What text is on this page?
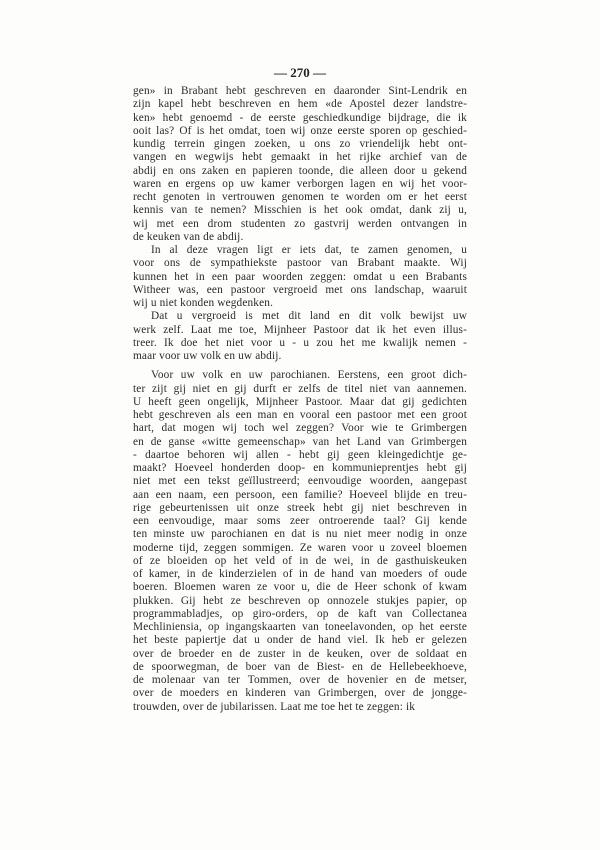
— 270 —
gen» in Brabant hebt geschreven en daaronder Sint-Lendrik en
zijn kapel hebt beschreven en hem «de Apostel dezer landstre-
ken» hebt genoemd - de eerste geschiedkundige bijdrage, die ik
ooit las? Of is het omdat, toen wij onze eerste sporen op geschied-
kundig terrein gingen zoeken, u ons zo vriendelijk hebt ont-
vangen en wegwijs hebt gemaakt in het rijke archief van de
abdij en ons zaken en papieren toonde, die alleen door u gekend
waren en ergens op uw kamer verborgen lagen en wij het voor-
recht genoten in vertrouwen genomen te worden om er het eerst
kennis van te nemen? Misschien is het ook omdat, dank zij u,
wij met een drom studenten zo gastvrij werden ontvangen in
de keuken van de abdij.
In al deze vragen ligt er iets dat, te zamen genomen, u
voor ons de sympathiekste pastoor van Brabant maakte. Wij
kunnen het in een paar woorden zeggen: omdat u een Brabants
Witheer was, een pastoor vergroeid met ons landschap, waaruit
wij u niet konden wegdenken.
Dat u vergroeid is met dit land en dit volk bewijst uw
werk zelf. Laat me toe, Mijnheer Pastoor dat ik het even illus-
treer. Ik doe het niet voor u - u zou het me kwalijk nemen -
maar voor uw volk en uw abdij.
Voor uw volk en uw parochianen. Eerstens, een groot dich-
ter zijt gij niet en gij durft er zelfs de titel niet van aannemen.
U heeft geen ongelijk, Mijnheer Pastoor. Maar dat gij gedichten
hebt geschreven als een man en vooral een pastoor met een groot
hart, dat mogen wij toch wel zeggen? Voor wie te Grimbergen
en de ganse «witte gemeenschap» van het Land van Grimbergen
- daartoe behoren wij allen - hebt gij geen kleingedichtje ge-
maakt? Hoeveel honderden doop- en kommunieprentjes hebt gij
niet met een tekst geïllustreerd; eenvoudige woorden, aangepast
aan een naam, een persoon, een familie? Hoeveel blijde en treu-
rige gebeurtenissen uit onze streek hebt gij niet beschreven in
een eenvoudige, maar soms zeer ontroerende taal? Gij kende
ten minste uw parochianen en dat is nu niet meer nodig in onze
moderne tijd, zeggen sommigen. Ze waren voor u zoveel bloemen
of ze bloeiden op het veld of in de wei, in de gasthuiskeuken
of kamer, in de kinderzielen of in de hand van moeders of oude
boeren. Bloemen waren ze voor u, die de Heer schonk of kwam
plukken. Gij hebt ze beschreven op onnozele stukjes papier, op
programmabladjes, op giro-orders, op de kaft van Collectanea
Mechliniensia, op ingangskaarten van toneelavonden, op het eerste
het beste papiertje dat u onder de hand viel. Ik heb er gelezen
over de broeder en de zuster in de keuken, over de soldaat en
de spoorwegman, de boer van de Biest- en de Hellebeekhoeve,
de molenaar van ter Tommen, over de hovenier en de metser,
over de moeders en kinderen van Grimbergen, over de jongge-
trouwden, over de jubilarissen. Laat me toe het te zeggen: ik
